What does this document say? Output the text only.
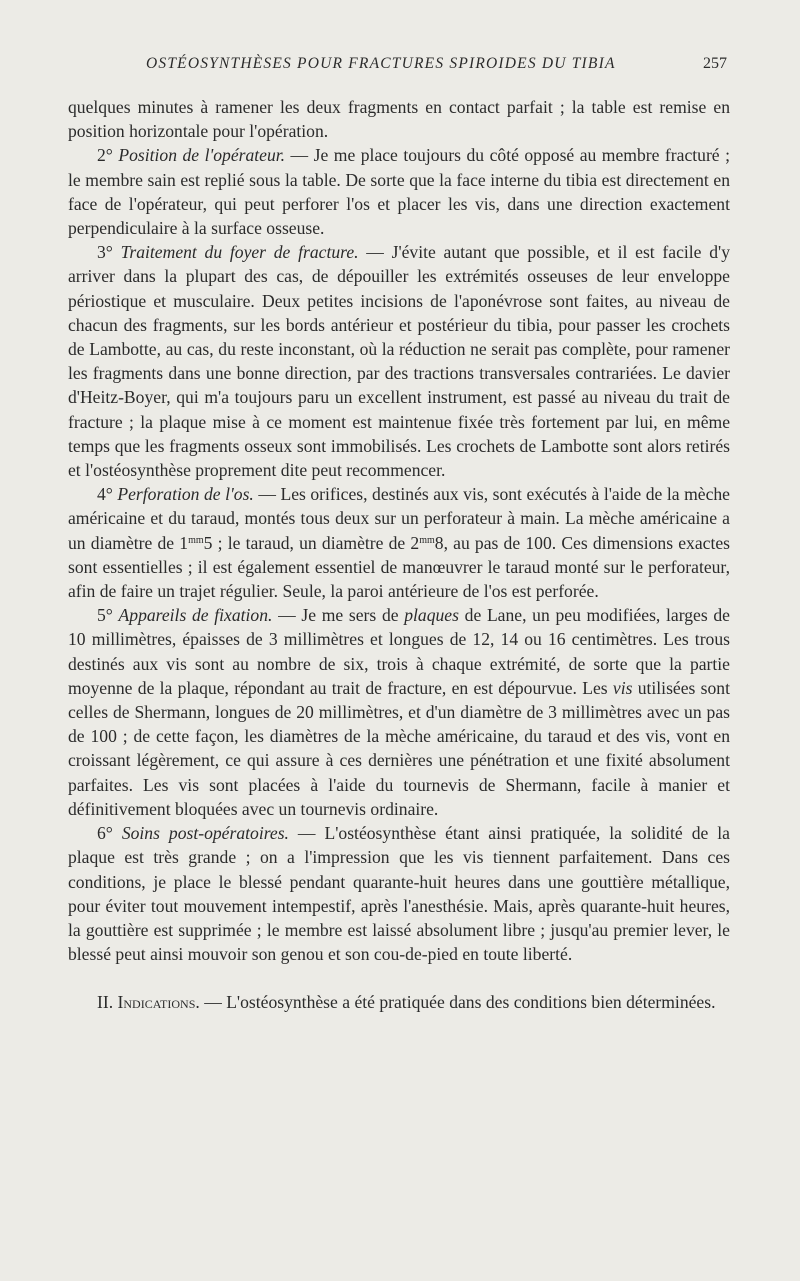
OSTÉOSYNTHÈSES POUR FRACTURES SPIROIDES DU TIBIA	257

quelques minutes à ramener les deux fragments en contact parfait ; la table est remise en position horizontale pour l'opération.

2° Position de l'opérateur. — Je me place toujours du côté opposé au membre fracturé ; le membre sain est replié sous la table. De sorte que la face interne du tibia est directement en face de l'opérateur, qui peut perforer l'os et placer les vis, dans une direction exactement perpendiculaire à la surface osseuse.

3° Traitement du foyer de fracture. — J'évite autant que possible, et il est facile d'y arriver dans la plupart des cas, de dépouiller les extrémités osseuses de leur enveloppe périostique et musculaire. Deux petites incisions de l'aponévrose sont faites, au niveau de chacun des fragments, sur les bords antérieur et postérieur du tibia, pour passer les crochets de Lambotte, au cas, du reste inconstant, où la réduction ne serait pas complète, pour ramener les fragments dans une bonne direction, par des tractions transversales contrariées. Le davier d'Heitz-Boyer, qui m'a toujours paru un excellent instrument, est passé au niveau du trait de fracture ; la plaque mise à ce moment est maintenue fixée très fortement par lui, en même temps que les fragments osseux sont immobilisés. Les crochets de Lambotte sont alors retirés et l'ostéosynthèse proprement dite peut recommencer.

4° Perforation de l'os. — Les orifices, destinés aux vis, sont exécutés à l'aide de la mèche américaine et du taraud, montés tous deux sur un perforateur à main. La mèche américaine a un diamètre de $1^{mm}5$ ; le taraud, un diamètre de $2^{mm}8$, au pas de 100. Ces dimensions exactes sont essentielles ; il est également essentiel de manœuvrer le taraud monté sur le perforateur, afin de faire un trajet régulier. Seule, la paroi antérieure de l'os est perforée.

5° Appareils de fixation. — Je me sers de plaques de Lane, un peu modifiées, larges de 10 millimètres, épaisses de 3 millimètres et longues de 12, 14 ou 16 centimètres. Les trous destinés aux vis sont au nombre de six, trois à chaque extrémité, de sorte que la partie moyenne de la plaque, répondant au trait de fracture, en est dépourvue. Les vis utilisées sont celles de Shermann, longues de 20 millimètres, et d'un diamètre de 3 millimètres avec un pas de 100 ; de cette façon, les diamètres de la mèche américaine, du taraud et des vis, vont en croissant légèrement, ce qui assure à ces dernières une pénétration et une fixité absolument parfaites. Les vis sont placées à l'aide du tournevis de Shermann, facile à manier et définitivement bloquées avec un tournevis ordinaire.

6° Soins post-opératoires. — L'ostéosynthèse étant ainsi pratiquée, la solidité de la plaque est très grande ; on a l'impression que les vis tiennent parfaitement. Dans ces conditions, je place le blessé pendant quarante-huit heures dans une gouttière métallique, pour éviter tout mouvement intempestif, après l'anesthésie. Mais, après quarante-huit heures, la gouttière est supprimée ; le membre est laissé absolument libre ; jusqu'au premier lever, le blessé peut ainsi mouvoir son genou et son cou-de-pied en toute liberté.

II. Indications. — L'ostéosynthèse a été pratiquée dans des conditions bien déterminées.
